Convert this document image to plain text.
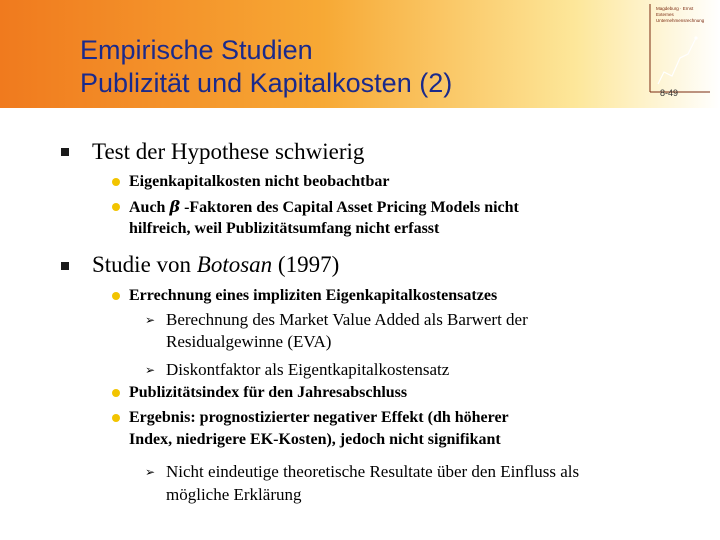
Empirische Studien
Publizität und Kapitalkosten (2)
Magdeburg · Ernst
Externes
Unternehmensrechnung
8-49
Test der Hypothese schwierig
Eigenkapitalkosten nicht beobachtbar
Auch β -Faktoren des Capital Asset Pricing Models nicht
hilfreich, weil Publizitätsumfang nicht erfasst
Studie von Botosan (1997)
Errechnung eines impliziten Eigenkapitalkostensatzes
➢ Berechnung des Market Value Added als Barwert der
Residualgewinne (EVA)
➢ Diskontfaktor als Eigentkapitalkostensatz
Publizitätsindex für den Jahresabschluss
Ergebnis: prognostizierter negativer Effekt (dh höherer
Index, niedrigere EK-Kosten), jedoch nicht signifikant
➢ Nicht eindeutige theoretische Resultate über den Einfluss als
mögliche Erklärung
